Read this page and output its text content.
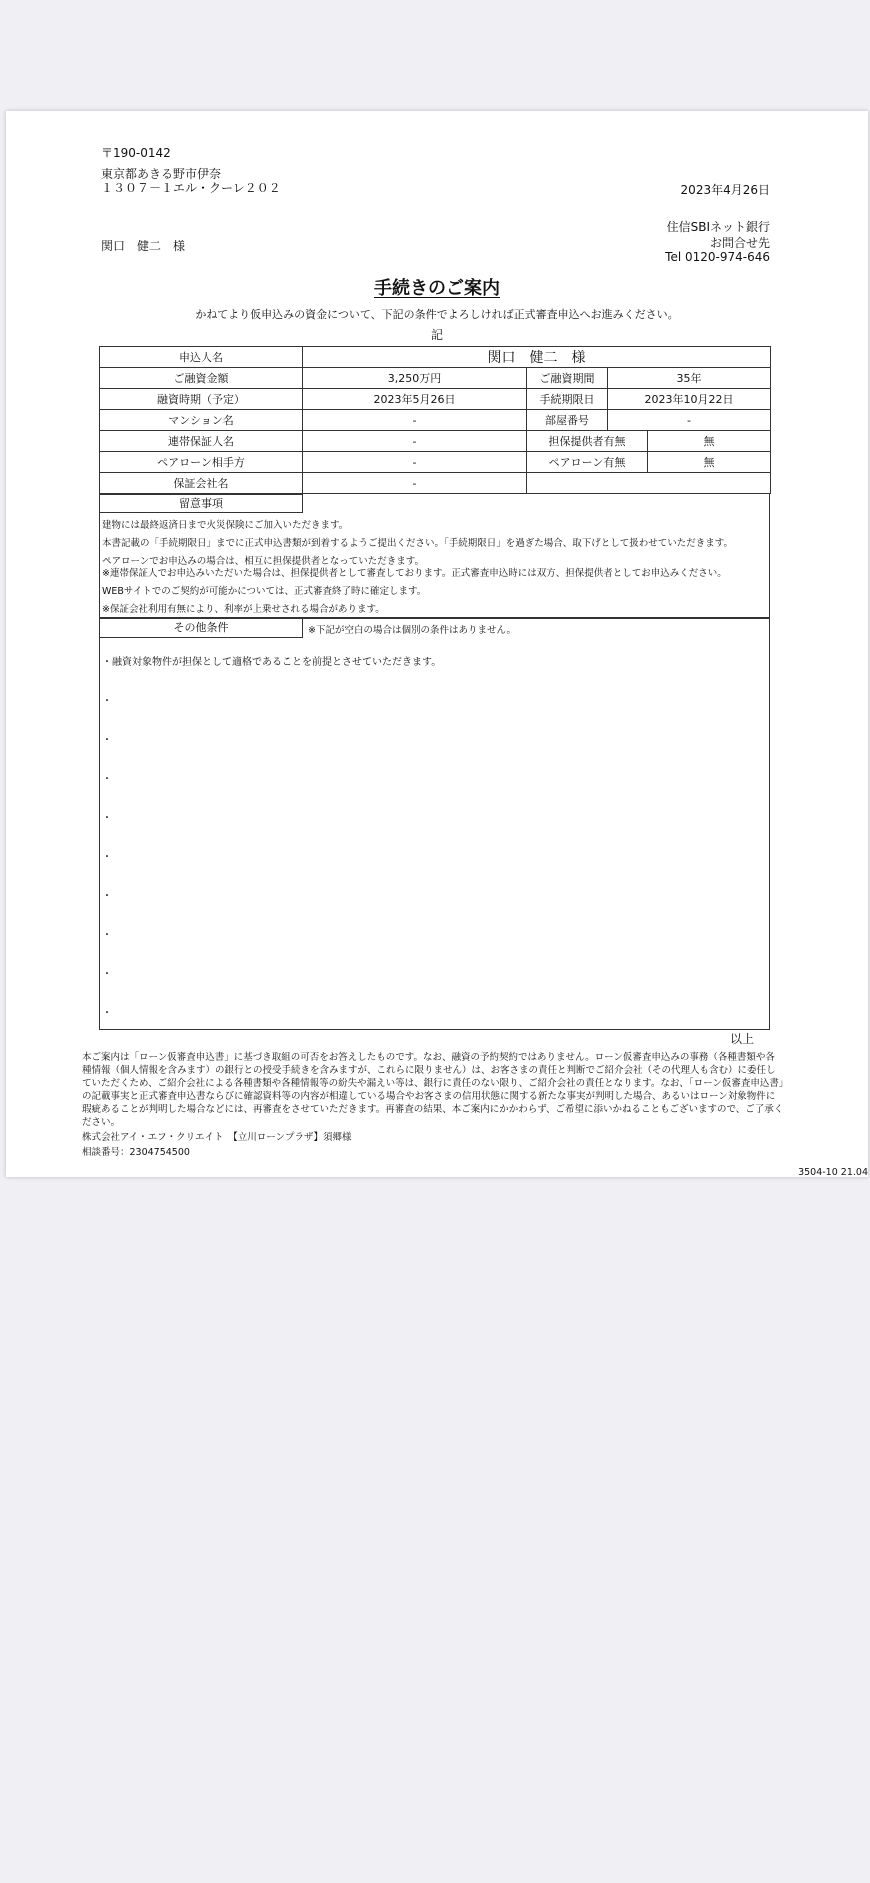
〒190-0142
東京都あきる野市伊奈
１３０７－１エル・クーレ２０２
関口　健二　様
2023年4月26日
住信SBIネット銀行
お問合せ先
Tel 0120-974-646
手続きのご案内
かねてより仮申込みの資金について、下記の条件でよろしければ正式審査申込へお進みください。
記
申込人名	関口　健二　様			
ご融資金額	3,250万円	ご融資期間	35年	
融資時期（予定）	2023年5月26日	手続期限日	2023年10月22日	
マンション名	-	部屋番号	-	
連帯保証人名	-	担保提供者有無		無
ペアローン相手方	-	ペアローン有無		無
保証会社名	-			
留意事項
建物には最終返済日まで火災保険にご加入いただきます。
本書記載の「手続期限日」までに正式申込書類が到着するようご提出ください。「手続期限日」を過ぎた場合、取下げとして扱わせていただきます。
ペアローンでお申込みの場合は、相互に担保提供者となっていただきます。
※連帯保証人でお申込みいただいた場合は、担保提供者として審査しております。正式審査申込時には双方、担保提供者としてお申込みください。
WEBサイトでのご契約が可能かについては、正式審査終了時に確定します。
※保証会社利用有無により、利率が上乗せされる場合があります。
その他条件	※下記が空白の場合は個別の条件はありません。
・融資対象物件が担保として適格であることを前提とさせていただきます。
・
・
・
・
・
・
・
・
・
以上
本ご案内は「ローン仮審査申込書」に基づき取組の可否をお答えしたものです。なお、融資の予約契約ではありません。ローン仮審査申込みの事務（各種書類や各種情報（個人情報を含みます）の銀行との授受手続きを含みますが、これらに限りません）は、お客さまの責任と判断でご紹介会社（その代理人も含む）に委任していただくため、ご紹介会社による各種書類や各種情報等の紛失や漏えい等は、銀行に責任のない限り、ご紹介会社の責任となります。なお、「ローン仮審査申込書」の記載事実と正式審査申込書ならびに確認資料等の内容が相違している場合やお客さまの信用状態に関する新たな事実が判明した場合、あるいはローン対象物件に瑕疵あることが判明した場合などには、再審査をさせていただきます。再審査の結果、本ご案内にかかわらず、ご希望に添いかねることもございますので、ご了承ください。
株式会社アイ・エフ・クリエイト　【立川ローンプラザ】須郷様
相談番号：2304754500
3504-10 21.04
